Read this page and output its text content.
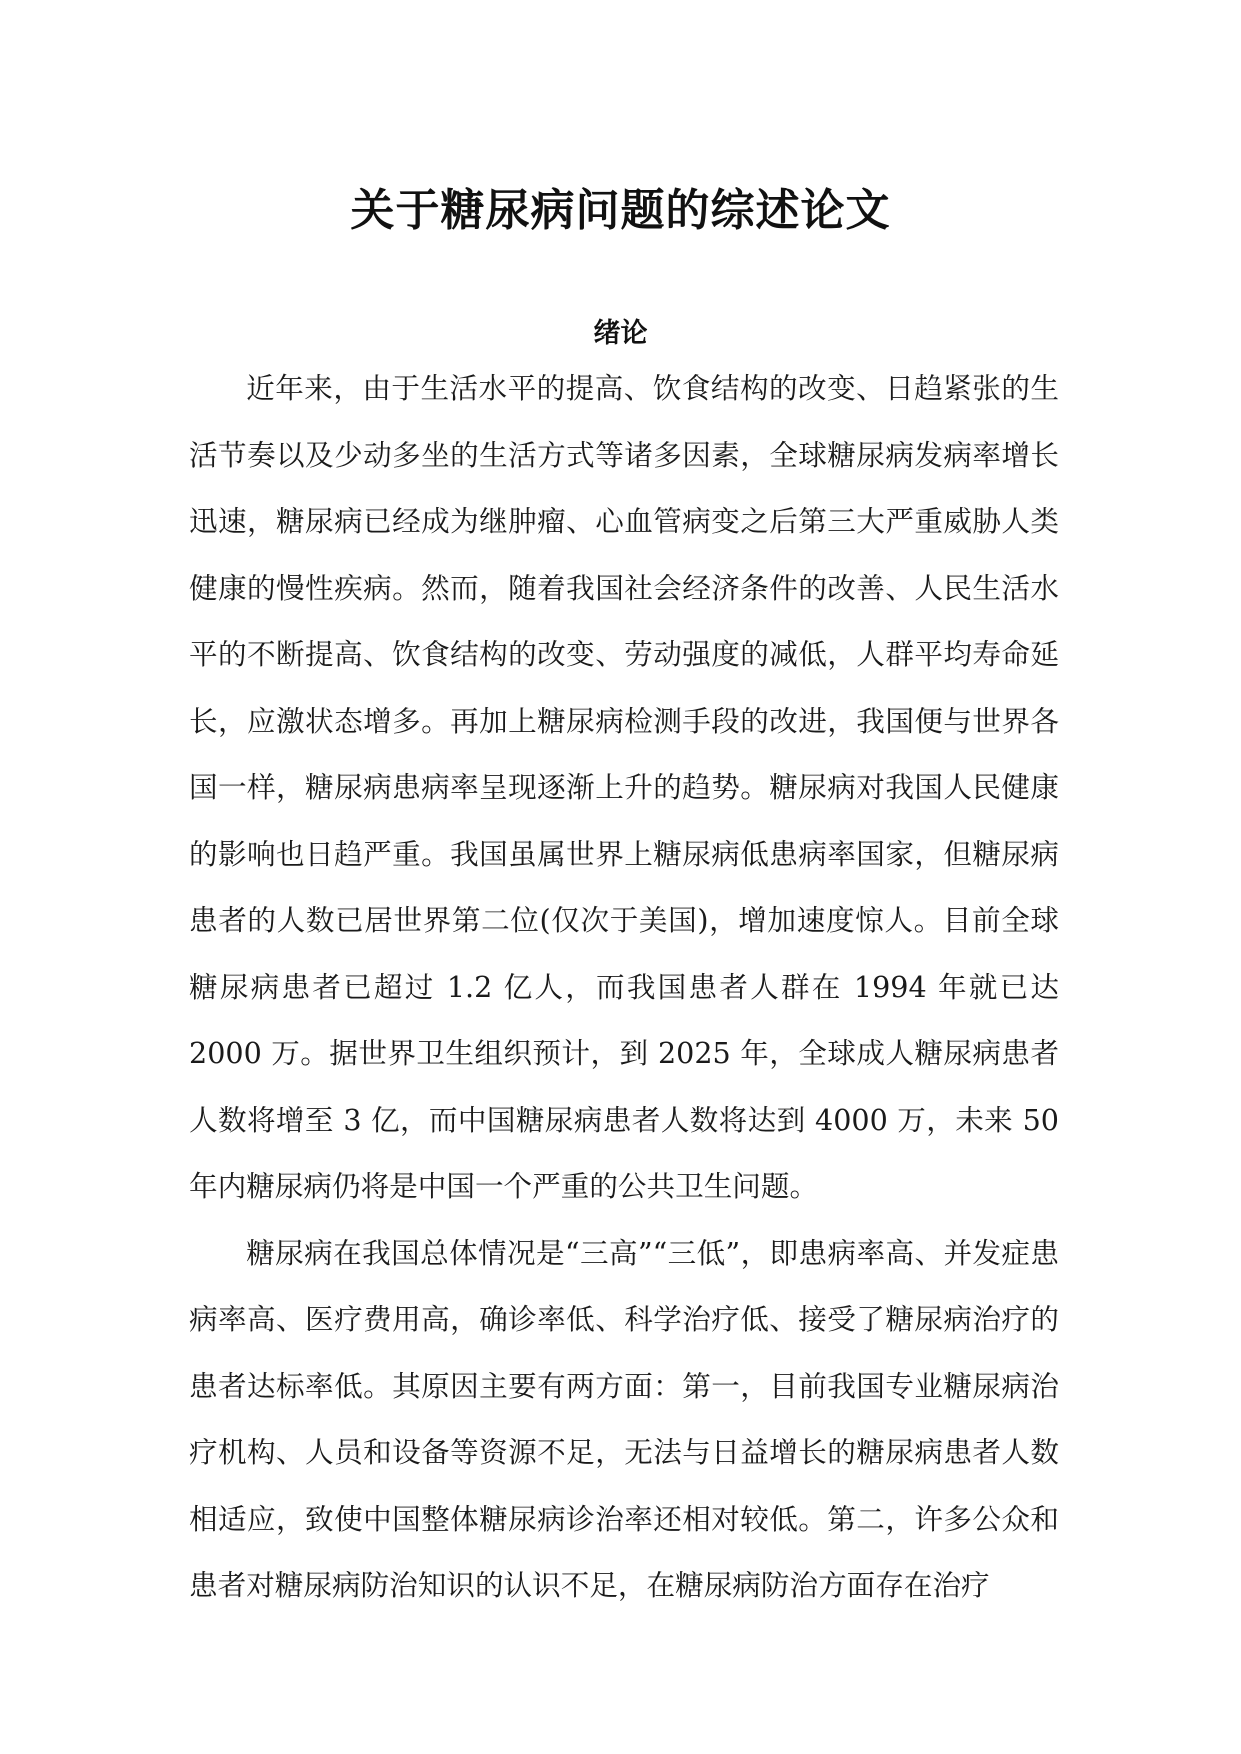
关于糖尿病问题的综述论文
绪论

近年来，由于生活水平的提高、饮食结构的改变、日趋紧张的生活节奏以及少动多坐的生活方式等诸多因素，全球糖尿病发病率增长迅速，糖尿病已经成为继肿瘤、心血管病变之后第三大严重威胁人类健康的慢性疾病。然而，随着我国社会经济条件的改善、人民生活水平的不断提高、饮食结构的改变、劳动强度的减低，人群平均寿命延长，应激状态增多。再加上糖尿病检测手段的改进，我国便与世界各国一样，糖尿病患病率呈现逐渐上升的趋势。糖尿病对我国人民健康的影响也日趋严重。我国虽属世界上糖尿病低患病率国家，但糖尿病患者的人数已居世界第二位(仅次于美国)，增加速度惊人。目前全球糖尿病患者已超过 1.2 亿人，而我国患者人群在 1994 年就已达 2000 万。据世界卫生组织预计，到 2025 年，全球成人糖尿病患者人数将增至 3 亿，而中国糖尿病患者人数将达到 4000 万，未来 50 年内糖尿病仍将是中国一个严重的公共卫生问题。

糖尿病在我国总体情况是“三高”“三低”，即患病率高、并发症患病率高、医疗费用高，确诊率低、科学治疗低、接受了糖尿病治疗的患者达标率低。其原因主要有两方面：第一，目前我国专业糖尿病治疗机构、人员和设备等资源不足，无法与日益增长的糖尿病患者人数相适应，致使中国整体糖尿病诊治率还相对较低。第二，许多公众和患者对糖尿病防治知识的认识不足，在糖尿病防治方面存在治疗
